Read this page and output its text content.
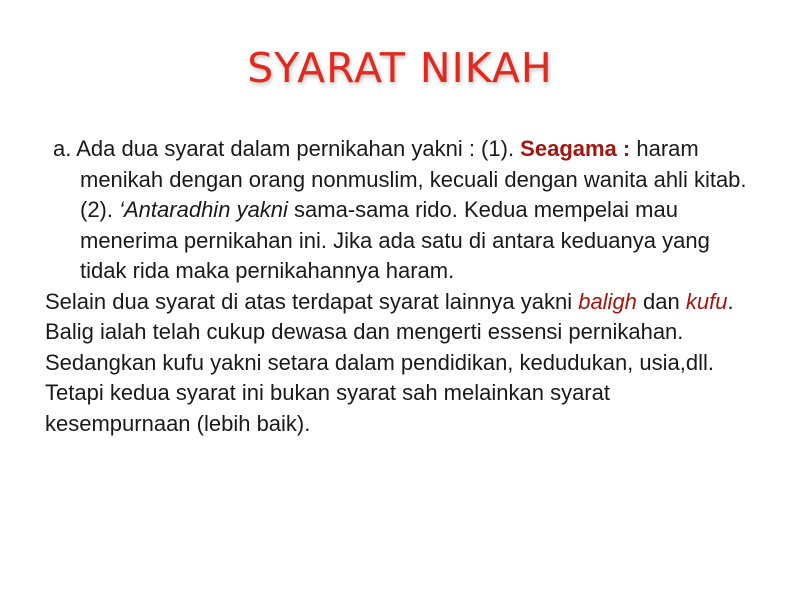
SYARAT NIKAH

a. Ada dua syarat dalam pernikahan yakni : (1). Seagama : haram menikah dengan orang nonmuslim, kecuali dengan wanita ahli kitab. (2). ‘Antaradhin yakni sama-sama rido. Kedua mempelai mau menerima pernikahan ini. Jika ada satu di antara keduanya yang tidak rida maka pernikahannya haram.

Selain dua syarat di atas terdapat syarat lainnya yakni baligh dan kufu. Balig ialah telah cukup dewasa dan mengerti essensi pernikahan. Sedangkan kufu yakni setara dalam pendidikan, kedudukan, usia,dll. Tetapi kedua syarat ini bukan syarat sah melainkan syarat kesempurnaan (lebih baik).
